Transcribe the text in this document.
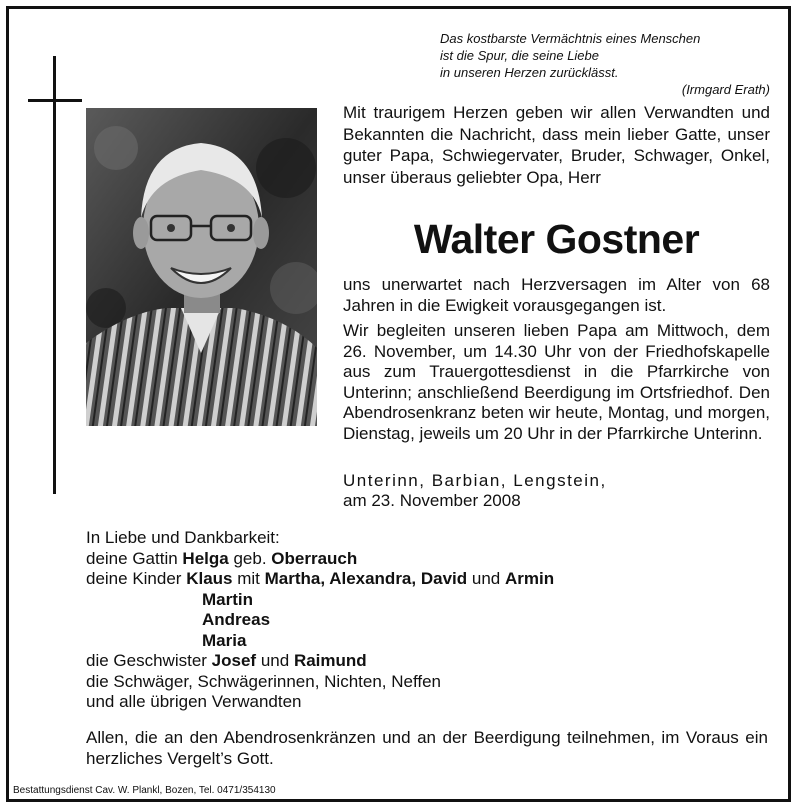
Das kostbarste Vermächtnis eines Menschen
ist die Spur, die seine Liebe
in unseren Herzen zurücklässt.
(Irmgard Erath)
Mit traurigem Herzen geben wir allen Verwandten und Bekannten die Nachricht, dass mein lieber Gatte, unser guter Papa, Schwiegervater, Bruder, Schwager, Onkel, unser überaus geliebter Opa, Herr
Walter Gostner
uns unerwartet nach Herzversagen im Alter von 68 Jahren in die Ewigkeit vorausgegangen ist.
Wir begleiten unseren lieben Papa am Mittwoch, dem 26. November, um 14.30 Uhr von der Friedhofskapelle aus zum Trauergottesdienst in die Pfarrkirche von Unterinn; anschließend Beerdigung im Ortsfriedhof. Den Abendrosenkranz beten wir heute, Montag, und morgen, Dienstag, jeweils um 20 Uhr in der Pfarrkirche Unterinn.
Unterinn, Barbian, Lengstein,
am 23. November 2008
In Liebe und Dankbarkeit:
deine Gattin Helga geb. Oberrauch
deine Kinder Klaus mit Martha, Alexandra, David und Armin
Martin
Andreas
Maria
die Geschwister Josef und Raimund
die Schwäger, Schwägerinnen, Nichten, Neffen
und alle übrigen Verwandten
Allen, die an den Abendrosenkränzen und an der Beerdigung teilnehmen, im Voraus ein herzliches Vergelt’s Gott.
Bestattungsdienst Cav. W. Plankl, Bozen, Tel. 0471/354130
